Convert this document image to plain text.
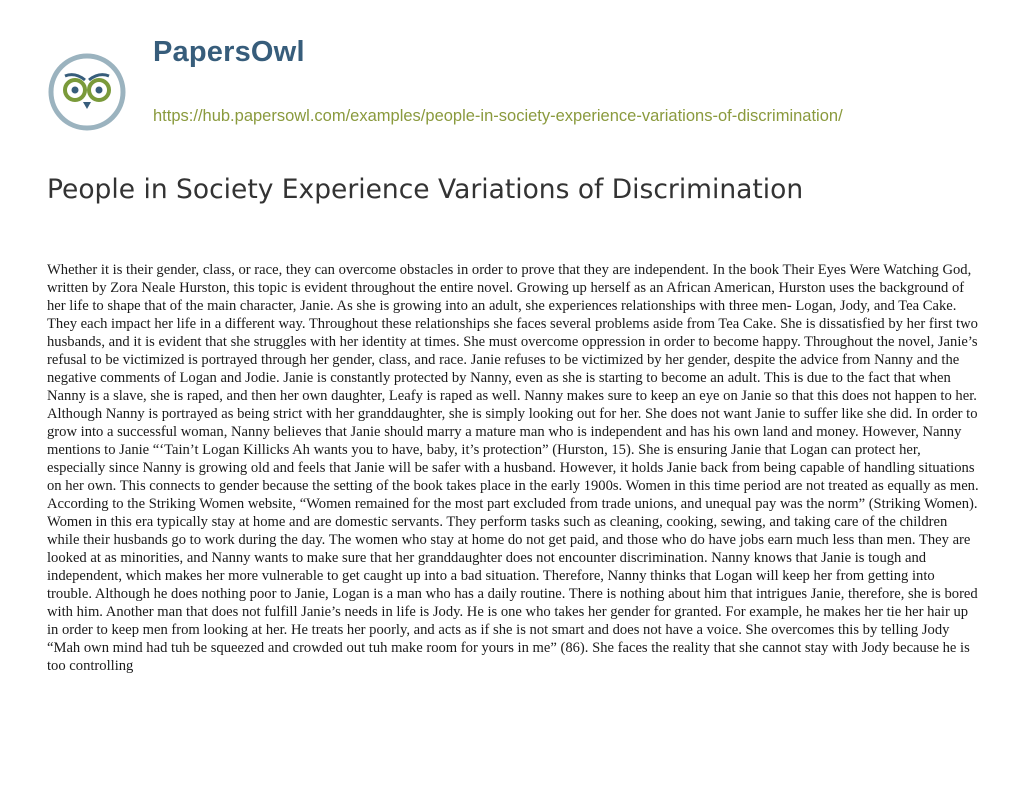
PapersOwl
https://hub.papersowl.com/examples/people-in-society-experience-variations-of-discrimination/
People in Society Experience Variations of Discrimination

Whether it is their gender, class, or race, they can overcome obstacles in order to prove that they are independent. In the book Their Eyes Were Watching God, written by Zora Neale Hurston, this topic is evident throughout the entire novel. Growing up herself as an African American, Hurston uses the background of her life to shape that of the main character, Janie. As she is growing into an adult, she experiences relationships with three men- Logan, Jody, and Tea Cake. They each impact her life in a different way. Throughout these relationships she faces several problems aside from Tea Cake. She is dissatisfied by her first two husbands, and it is evident that she struggles with her identity at times. She must overcome oppression in order to become happy. Throughout the novel, Janie’s refusal to be victimized is portrayed through her gender, class, and race. Janie refuses to be victimized by her gender, despite the advice from Nanny and the negative comments of Logan and Jodie. Janie is constantly protected by Nanny, even as she is starting to become an adult. This is due to the fact that when Nanny is a slave, she is raped, and then her own daughter, Leafy is raped as well. Nanny makes sure to keep an eye on Janie so that this does not happen to her. Although Nanny is portrayed as being strict with her granddaughter, she is simply looking out for her. She does not want Janie to suffer like she did. In order to grow into a successful woman, Nanny believes that Janie should marry a mature man who is independent and has his own land and money. However, Nanny mentions to Janie “‘Tain’t Logan Killicks Ah wants you to have, baby, it’s protection” (Hurston, 15). She is ensuring Janie that Logan can protect her, especially since Nanny is growing old and feels that Janie will be safer with a husband. However, it holds Janie back from being capable of handling situations on her own. This connects to gender because the setting of the book takes place in the early 1900s. Women in this time period are not treated as equally as men. According to the Striking Women website, “Women remained for the most part excluded from trade unions, and unequal pay was the norm” (Striking Women). Women in this era typically stay at home and are domestic servants. They perform tasks such as cleaning, cooking, sewing, and taking care of the children while their husbands go to work during the day. The women who stay at home do not get paid, and those who do have jobs earn much less than men. They are looked at as minorities, and Nanny wants to make sure that her granddaughter does not encounter discrimination. Nanny knows that Janie is tough and independent, which makes her more vulnerable to get caught up into a bad situation. Therefore, Nanny thinks that Logan will keep her from getting into trouble. Although he does nothing poor to Janie, Logan is a man who has a daily routine. There is nothing about him that intrigues Janie, therefore, she is bored with him. Another man that does not fulfill Janie’s needs in life is Jody. He is one who takes her gender for granted. For example, he makes her tie her hair up in order to keep men from looking at her. He treats her poorly, and acts as if she is not smart and does not have a voice. She overcomes this by telling Jody “Mah own mind had tuh be squeezed and crowded out tuh make room for yours in me” (86). She faces the reality that she cannot stay with Jody because he is too controlling
